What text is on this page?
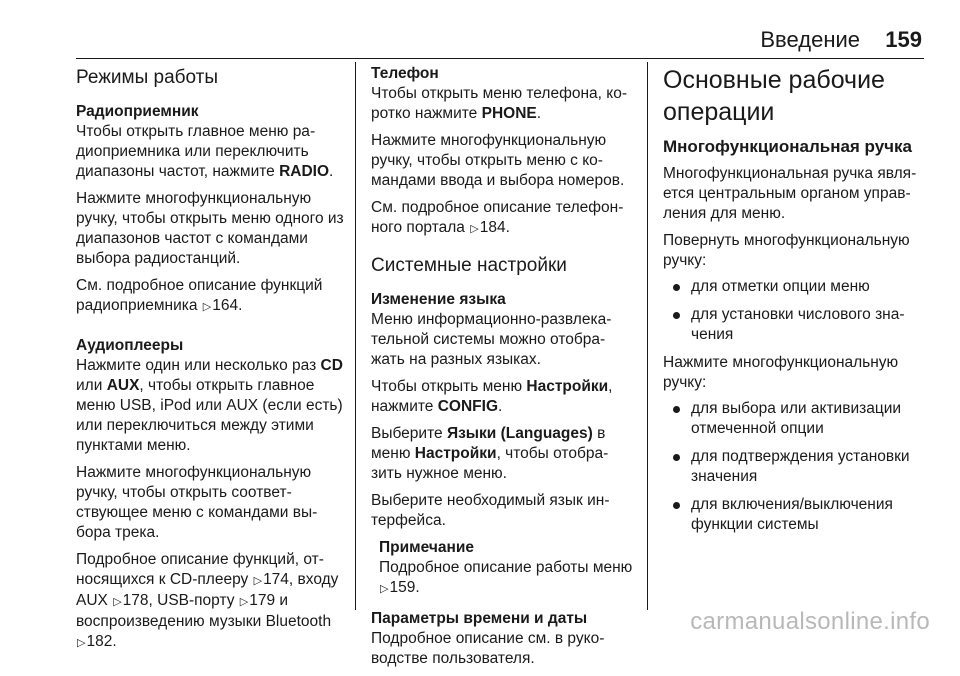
Введение 159
Режимы работы
Радиоприемник

Чтобы открыть главное меню радиоприемника или переключить диапазоны частот, нажмите RADIO.

Нажмите многофункциональную ручку, чтобы открыть меню одного из диапазонов частот с командами выбора радиостанций.

См. подробное описание функций радиоприемника ▷164.

Аудиоплееры

Нажмите один или несколько раз CD или AUX, чтобы открыть главное меню USB, iPod или AUX (если есть) или переключиться между этими пунктами меню.

Нажмите многофункциональную ручку, чтобы открыть соответствующее меню с командами выбора трека.

Подробное описание функций, относящихся к CD-плееру ▷174, входу AUX ▷178, USB-порту ▷179 и воспроизведению музыки Bluetooth ▷182.

Телефон

Чтобы открыть меню телефона, коротко нажмите PHONE.

Нажмите многофункциональную ручку, чтобы открыть меню с командами ввода и выбора номеров.

См. подробное описание телефонного портала ▷184.

Системные настройки
Изменение языка

Меню информационно-развлекательной системы можно отображать на разных языках.

Чтобы открыть меню Настройки, нажмите CONFIG.

Выберите Языки (Languages) в меню Настройки, чтобы отобразить нужное меню.

Выберите необходимый язык интерфейса.

Примечание
Подробное описание работы меню ▷159.
Параметры времени и даты

Подробное описание см. в руководстве пользователя.

Основные рабочие операции
Многофункциональная ручка

Многофункциональная ручка является центральным органом управления для меню.

Повернуть многофункциональную ручку:

для отметки опции меню
для установки числового значения

Нажмите многофункциональную ручку:

для выбора или активизации отмеченной опции
для подтверждения установки значения
для включения/выключения функции системы
carmanualsonline.info
